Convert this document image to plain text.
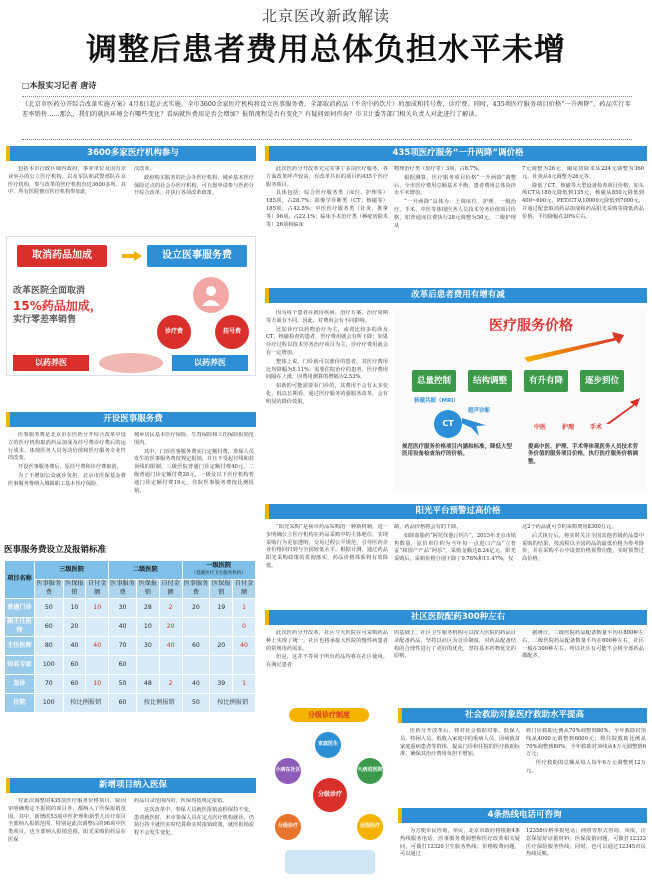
北京医改新政解读
调整后患者费用总体负担水平未增
□本报实习记者 唐诗
《北京市医药分开综合改革实施方案》4月8日起正式实施，全市3600余家医疗机构将设立医事服务费，全部取消药品（不含中药饮片）的加成和挂号费、诊疗费。同时，435项医疗服务项目价格“一升两降”、药品实行零差率销售……那么，我们的就医环境会有哪些变化？看病就医费用是否会增加？报销流程是否有变化？有疑问如何咨询？市卫计委等部门相关负责人对此进行了解读。
3600多家医疗机构参与

包括本市行政区域内政府、事业单位及国有企业举办的公立医疗机构，以及军队和武警部队在京医疗机构，参与改革的医疗机构有近3600多所。其中，所有医院便宜医疗机构参加此

次改革。

政府购买服务的社会办医疗机构，城乡基本医疗保险定点的社会办医疗机构，可自愿申请参与医药分开综合改革，并执行各项改革政策。

取消药品加成	设立医事服务费
改革医院全面取消
15%药品加成，
实行零差率销售
诊疗费	挂号费
以药养医	以药养医
开设医事服务费

医事服务费是北京市在医药分开综合改革中设立的医疗机构取消药品加成及挂号费诊疗费后的运行成本，体现医务人员劳动价值和医疗服务专业性的改变。

开设医事服务费后，原挂号费和诊疗费取消。

为了不增加公众就诊负担，北京市医保基金将医事服务费纳入城镇职工基本医疗保险、

城乡居民基本医疗保险、生育保险和工伤保险报销范围内。

其中，门诊医事服务费实行定额付费，参保人员发生的医事服务费按规定报销，并且不受起付线和封顶线的限制。三级医院普通门诊定额付费40元，二级普通门诊定额付费28元，一级及以下医疗机构普通门诊定额付费19元。住院医事服务费按比例报销。

医事服务费设立及报销标准
项目名称	三级医院			二级医院			一级医院
（基础医疗卫生服务机构）		

	医事服务费	医保报销	自付金额	医事服务费	医保报销	自付金额	医事服务费	医保报销	自付金额
普通门诊	50	10	10	30	28	2	20	19	1
副主任医师	60	20		40	10	20			0
主任医师	80	40	40	70	30	40	60	20	40
知名专家	100	60		60					
急诊	70	60	10	50	48	2	40	39	1
住院	100	按比例报销		60	按比例报销		50	按比例报销	
新增项目纳入医保

对此次调整的435项医疗服务价格项目，除因审明确规定不报销的项目外，都纳入了医保报销范围。其中，新增的53项中医护理和新型儿诊疗项目全部纳入报销范围，特别是此次调整后的96项中医类项目，也全部纳入报销范围。阳光采购的药品在医保

药品目录范围内的，医保均按规定报销。

这次改革中，参保人员就医报销流程保持不变，患者就医时，本市参保人员在定点医疗机构就诊，仍执行持卡就医实时结算和实时报销政策，就医报销流程不会发生变化。

435项医疗服务“一升两降”调价格

此次医药分开改革先完实事了多项医疗服务，各方面改革呼声较高，有改革共识的项目约435个医疗服务项目。

具体包括：综合医疗服务类（床位、护理等）185项，占28.7%；影像学诊断类（CT、核磁等）185项，占42.5%；中医医疗服务类（针灸、推拿等）96项，占22.1%；临床手术治疗类（褥疮切除术等）26项和临床

物理治疗类（放疗等）3项，占6.7%。

根据测算，医疗服务项目价格“一升两降”调整后，全市医疗费用总额基本平衡，患者费用总体负担水平未增加。

“一升两降”具体为：上调床位、护理、一般治疗、手术、中医等体现医务人员技术劳务价值项目价格，如普通床位费执行28元调整为50元，二级护理从

7元调整为26元，阑尾切除术从234元调整为360元，针灸从4元调整为26元等。

降低了CT、核磁等大型设备检查项目价格，如头颅CT从180元降低到135元，核磁从850元降低到400~600元，PET/CT从10000元降低到7000元，并通过配套取消药品加成和药品阳光采购等降低药品价格，平均降幅在20%左右。

改革后患者费用有增有减

因为每个患者在就诊疾病、治疗方案、治疗周期等方面有不同，因此，对费用会有不同影响。

比如诊疗以药物治疗为主，或者比较多的涉及CT、核磁检查的患者，医疗费用就会有所下降；如果诊疗过程以技术劳务治疗项目为主，诊疗疗费用就会有一定增加。

整体上说，门诊就可以涨价的患者，其医疗费用比均降幅为5.11%；需要住院治疗的患者，医疗费用间隔在上涨，因费用测算的增幅为2.53%。

如新的可能需要看门诊的，其费用不会有太多变化，低以长期看，通过医疗服务的强服务改革，会有明显的降价效果。

医疗服务价格
总量控制	结构调整	有升有降	逐步到位
CT
核磁共振（MRI）
超声诊断
中医	护理	手术
规范医疗服务价格项目内涵和标准，降低大型医用设备检查治疗的价格。
提高中医、护理、手术等体现医务人员技术劳务价值的服务项目价格，执行医疗服务价格调整。
阳光平台预警过高价格

“阳光采购”是我市药品采购的一种新机制，进一步明确公立医疗机构在药品采购中的主体地位，实现采购行为更加透明、交易过程公平规范，引导医药企业价格回归到与全国较低水平。根据计测，通过药品阳光采购政策的贯彻落实，药品价格体系将有效降低。

制，药品价格将会有的下降。

如降血脂药“阿托伐他汀钙片”，2015年北京市销售数量，原价单位约为当年每一点进口产品“立普妥”和国产产品“阿乐”，采购金额达8.24亿元。阳光采购后，采购价格分别下降了9.76%和11.47%，仅

这2个药品就可节约采购费用8300万元。

后式执行后，将实时关注全国其他省级药品集中采购的结果，按流程以全国药品的最低价格为参考降价，并在采购平台中设置价格预警功能，实时预警过高价格。

社区医院配药300种左右

此次医药分开改革，社区与大医院在可采购药品种上实现了统一。社区也将承接大医院的慢性病患者的常规用药需求。

但是，这并不等同于所有药品均将在社区使用。在满足患者

的基础上，社区卫生服务机构可以按大医院的药品目录配备药品，坚持以社区为首诊制度，对药品配备结构的合理性进行了更好的优化，坚持基本药物优先的原则。

据统计，三级医院药品配备数量平均在800种左右，二级医院药品配备数量平均在600种左右，社区一般在300种左右，所以社区有可能不会将全部药品都配齐。

分级诊疗制度
分级诊疗
家庭医生
大病进医院
远程医疗
分级诊疗
小病在社区
社会救助对象医疗救助水平提高

医药分开改革后，将对社会救助对象、低保人员、特困人员、低收入家庭中的重病人员、因病致贫家庭重病患者等群体，提高门诊和住院的医疗救助标准，确保其治疗费用负担不增加。

将门诊救助比例从70%调整到80%，全年救助封顶线从4000元调整到6000元；将住院救助比例从70%调整到80%，全年救助封顶线从4万元调整到6万元；

医疗救助的总额从每人每年6万元调整到12万元。

4条热线电话可咨询

为方便市民咨询，举民，北京市政府将根据4条热线服务电话，医事服务费调整和医疗改革相关疑问，可拨打12320卫生服务热线；价格收费问题，可以通过

12358价格举报电话；网络等形式咨询、举报，注意保留好证据材料；医保报销问题，可拨打12333医疗保险服务热线；同时，也可以通过12345市民热线反映。
